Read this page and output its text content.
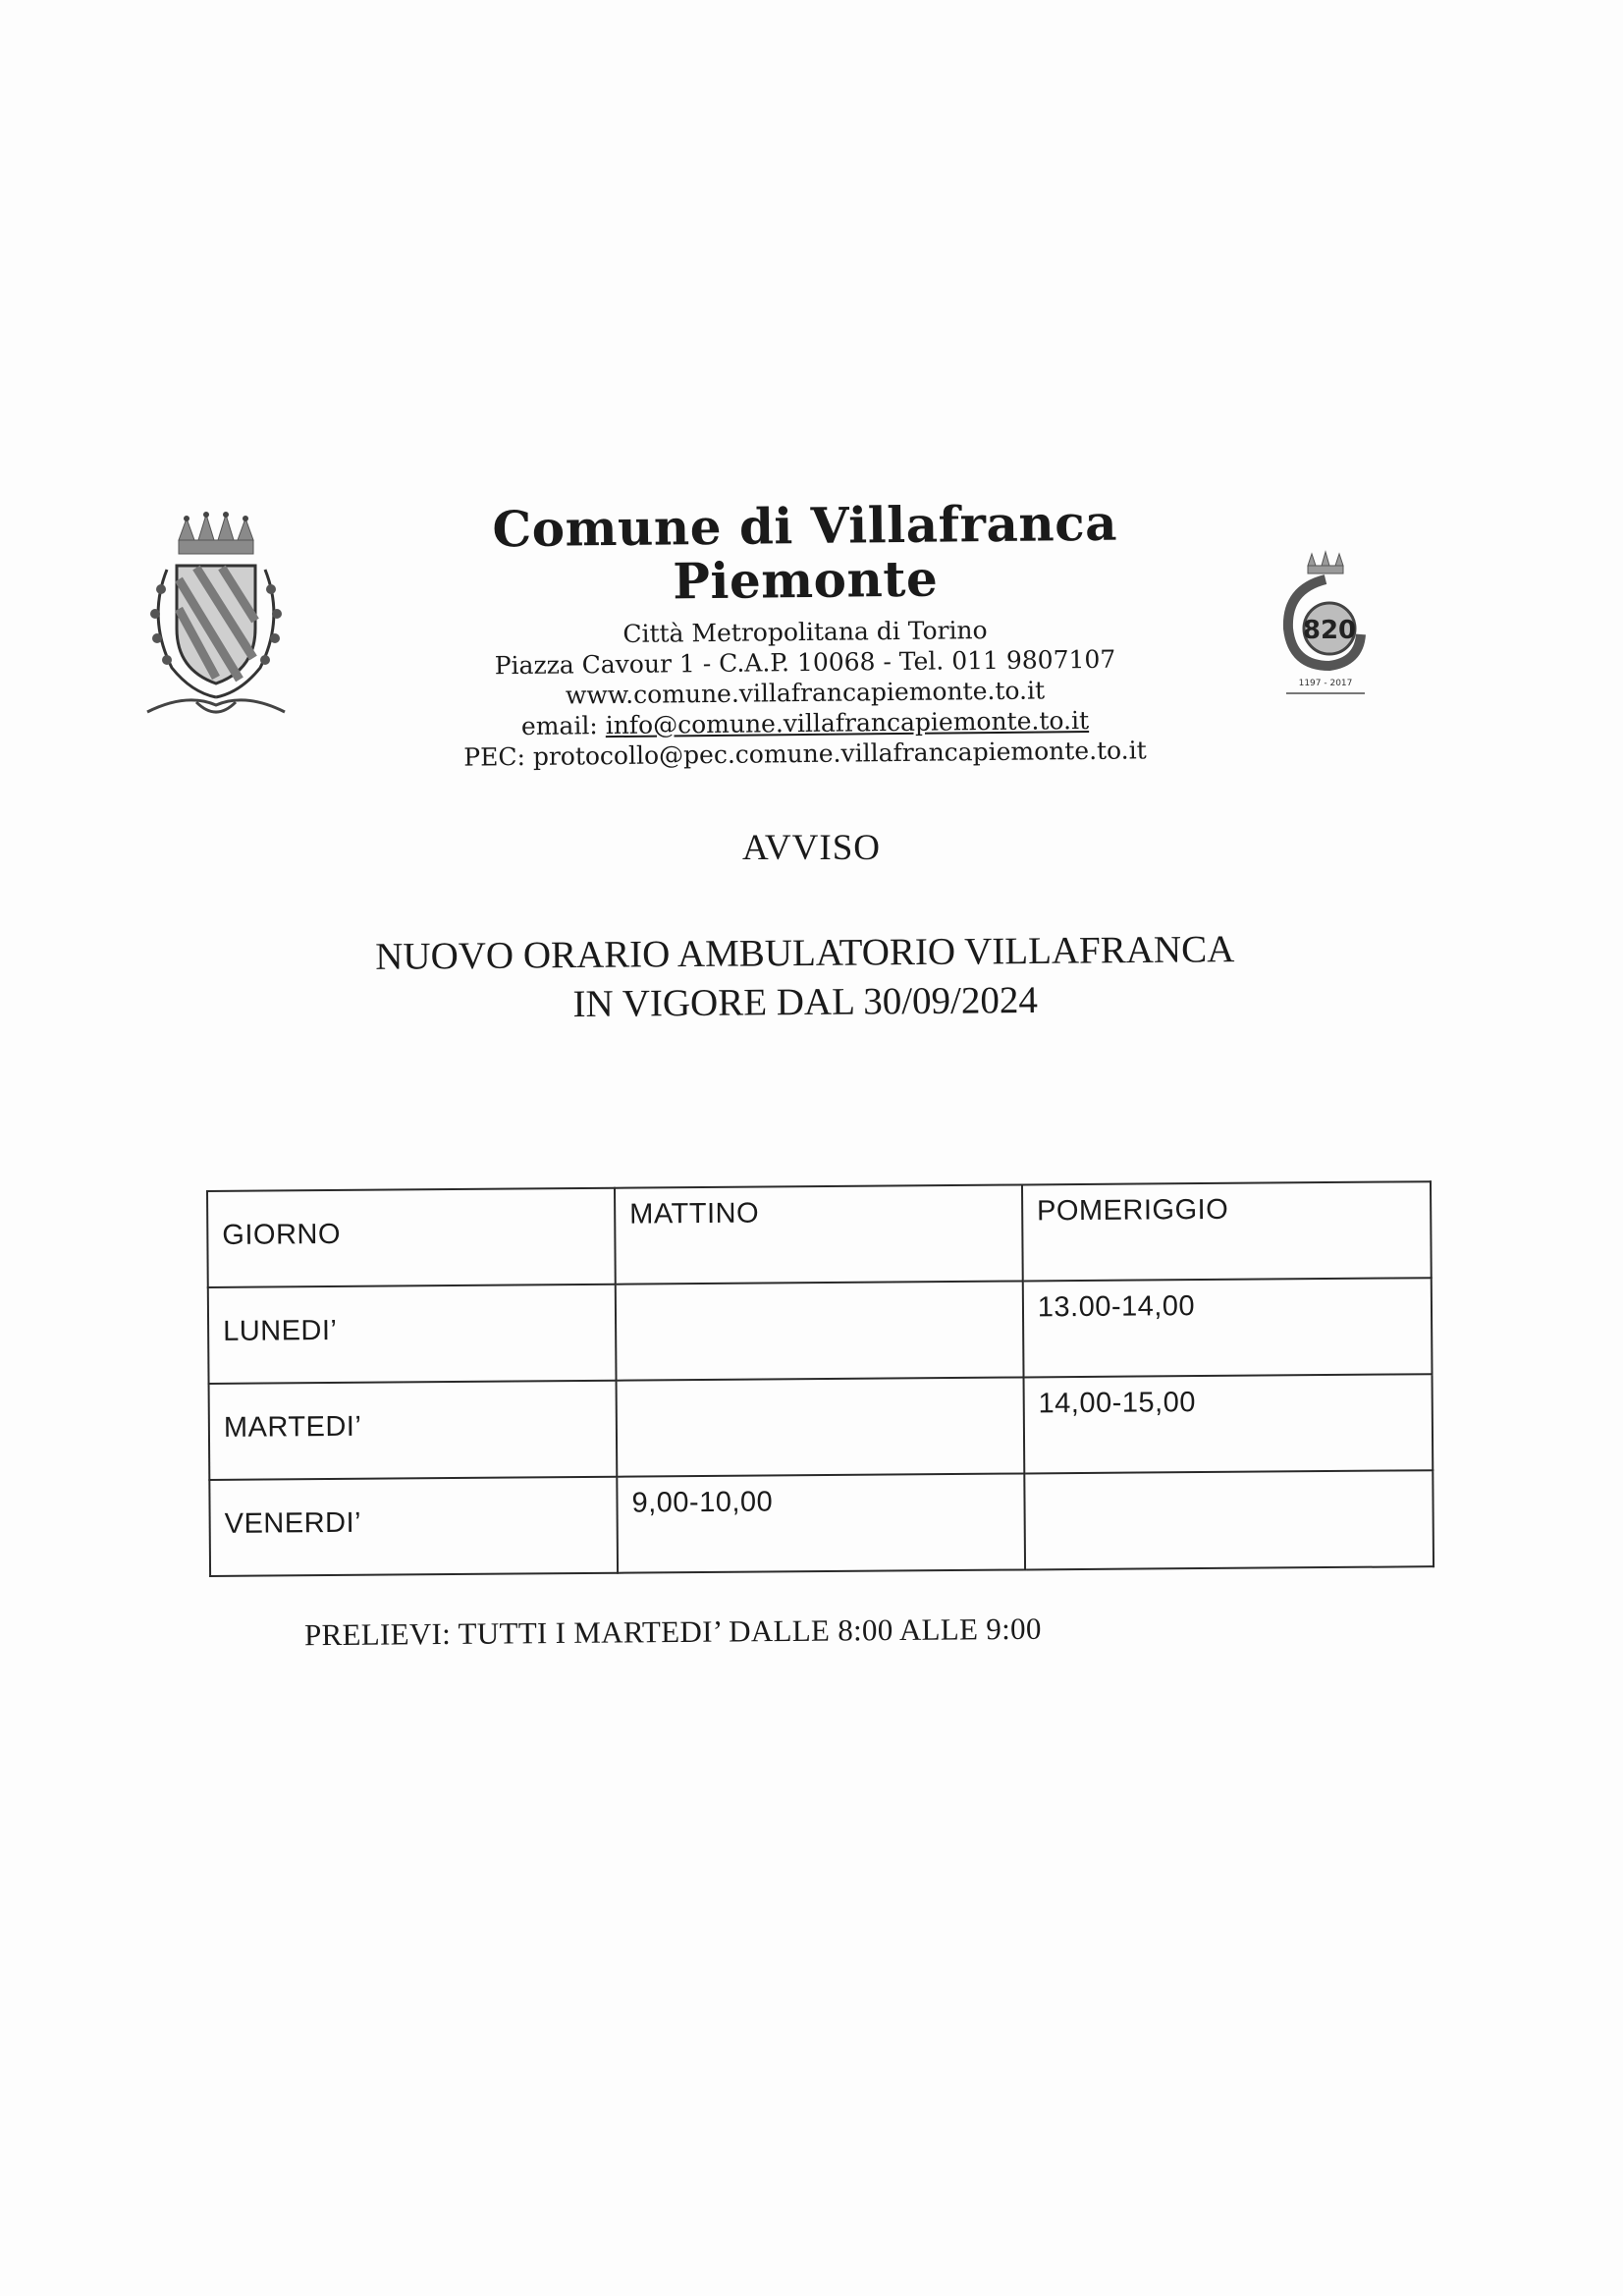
Comune di Villafranca Piemonte
Città Metropolitana di Torino
Piazza Cavour 1 - C.A.P. 10068 - Tel. 011 9807107
www.comune.villafrancapiemonte.to.it
email: info@comune.villafrancapiemonte.to.it
PEC: protocollo@pec.comune.villafrancapiemonte.to.it
820
1197 - 2017
AVVISO
NUOVO ORARIO AMBULATORIO VILLAFRANCA
IN VIGORE DAL 30/09/2024
GIORNO	MATTINO	POMERIGGIO
LUNEDI’		13.00-14,00
MARTEDI’		14,00-15,00
VENERDI’	9,00-10,00	
PRELIEVI: TUTTI I MARTEDI’ DALLE 8:00 ALLE 9:00
